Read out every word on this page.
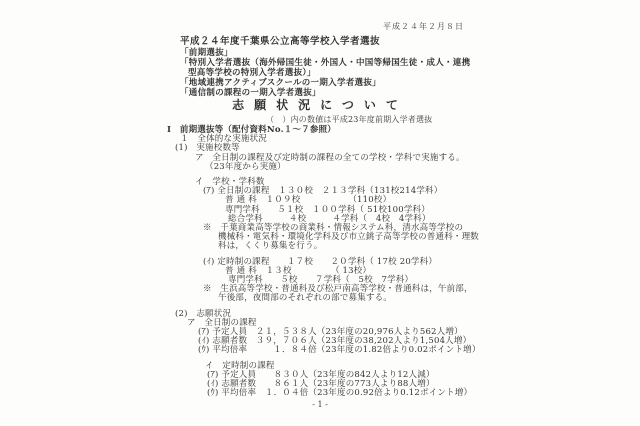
平成２４年２月８日
平成２４年度千葉県公立高等学校入学者選抜
「前期選抜」
「特別入学者選抜（海外帰国生徒・外国人・中国等帰国生徒・成人・連携
型高等学校の特別入学者選抜）」
「地域連携アクティブスクールの一期入学者選抜」
「通信制の課程の一期入学者選抜」
志願状況について
（　）内の数値は平成23年度前期入学者選抜
Ⅰ　前期選抜等（配付資料No.１～７参照）
１　全体的な実施状況
(1)　実施校数等
ア　全日制の課程及び定時制の課程の全ての学校・学科で実施する。
（23年度から実施）
イ　学校・学科数
(ｱ) 全日制の課程　１３０校　２１３学科（131校214学科）
普 通 科　１０９校　　　　　　（110校）
専門学科　　５１校　１００学科（ 51校100学科）
総合学科　　　４校　　　４学科（　4校　4学科）
※　千葉商業高等学校の商業科・情報システム科，清水高等学校の
機械科・電気科・環境化学科及び市立銚子高等学校の普通科・理数
科は，くくり募集を行う。
(ｲ) 定時制の課程　　１７校　　２０学科（ 17校 20学科）
普 通 科　１３校　　　　　（ 13校）
専門学科　　５校　　７学科（　5校　7学科）
※　生浜高等学校・普通科及び松戸南高等学校・普通科は，午前部，
午後部，夜間部のそれぞれの部で募集する。
(2)　志願状況
ア　全日制の課程
(ｱ) 予定人員　２１，５３８人（23年度の20,976人より562人増）
(ｲ) 志願者数　３９，７０６人（23年度の38,202人より1,504人増）
(ｳ) 平均倍率　　　１．８４倍（23年度の1.82倍より0.02ポイント増）
イ　定時制の課程
(ｱ) 予定人員　　８３０人（23年度の842人より12人減）
(ｲ) 志願者数　　８６１人（23年度の773人より88人増）
(ｳ) 平均倍率　１．０４倍（23年度の0.92倍より0.12ポイント増）
- 1 -
